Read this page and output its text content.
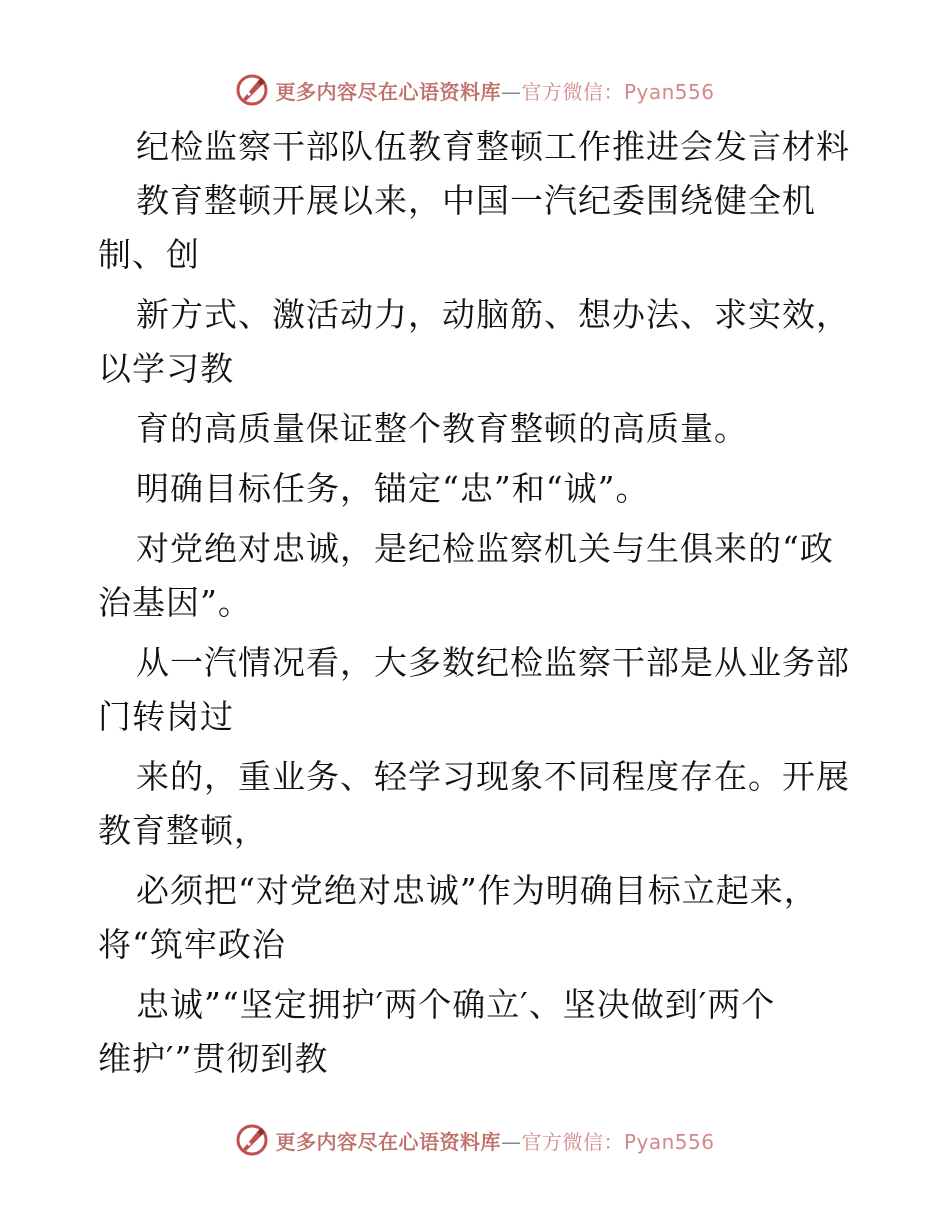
更多内容尽在心语资料库—官方微信：Pyan556
纪检监察干部队伍教育整顿工作推进会发言材料
教育整顿开展以来，中国一汽纪委围绕健全机
制、创
新方式、激活动力，动脑筋、想办法、求实效，
以学习教
育的高质量保证整个教育整顿的高质量。
明确目标任务，锚定“忠”和“诚”。
对党绝对忠诚，是纪检监察机关与生俱来的“政
治基因”。
从一汽情况看，大多数纪检监察干部是从业务部
门转岗过
来的，重业务、轻学习现象不同程度存在。开展
教育整顿，
必须把“对党绝对忠诚”作为明确目标立起来，
将“筑牢政治
忠诚”“坚定拥护′两个确立′、坚决做到′两个
维护′”贯彻到教
更多内容尽在心语资料库—官方微信：Pyan556
